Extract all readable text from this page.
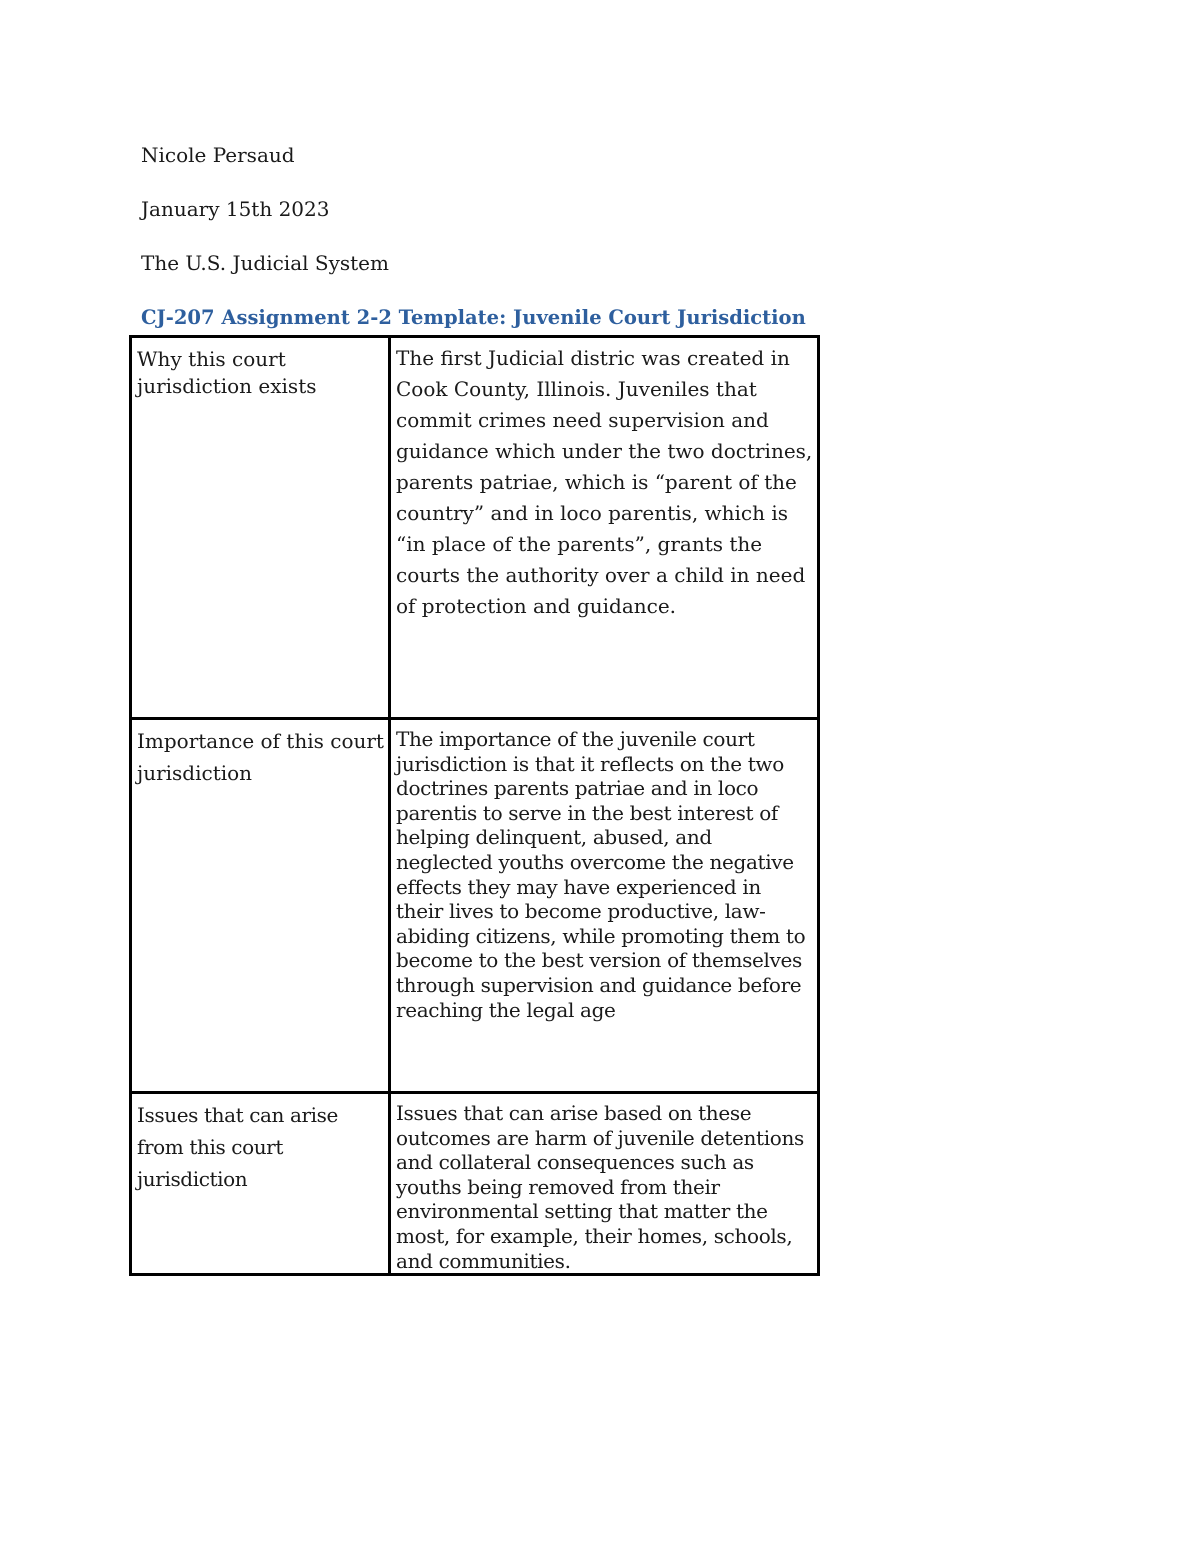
Nicole Persaud
January 15th 2023
The U.S. Judicial System
CJ-207 Assignment 2-2 Template: Juvenile Court Jurisdiction
Why this court jurisdiction exists	The first Judicial distric was created in Cook County, Illinois. Juveniles that commit crimes need supervision and guidance which under the two doctrines, parents patriae, which is “parent of the country” and in loco parentis, which is “in place of the parents”, grants the courts the authority over a child in need of protection and guidance.
Importance of this court jurisdiction	The importance of the juvenile court jurisdiction is that it reflects on the two doctrines parents patriae and in loco parentis to serve in the best interest of helping delinquent, abused, and neglected youths overcome the negative effects they may have experienced in their lives to become productive, law-abiding citizens, while promoting them to become to the best version of themselves through supervision and guidance before reaching the legal age
Issues that can arise from this court jurisdiction	Issues that can arise based on these outcomes are harm of juvenile detentions and collateral consequences such as youths being removed from their environmental setting that matter the most, for example, their homes, schools, and communities.
